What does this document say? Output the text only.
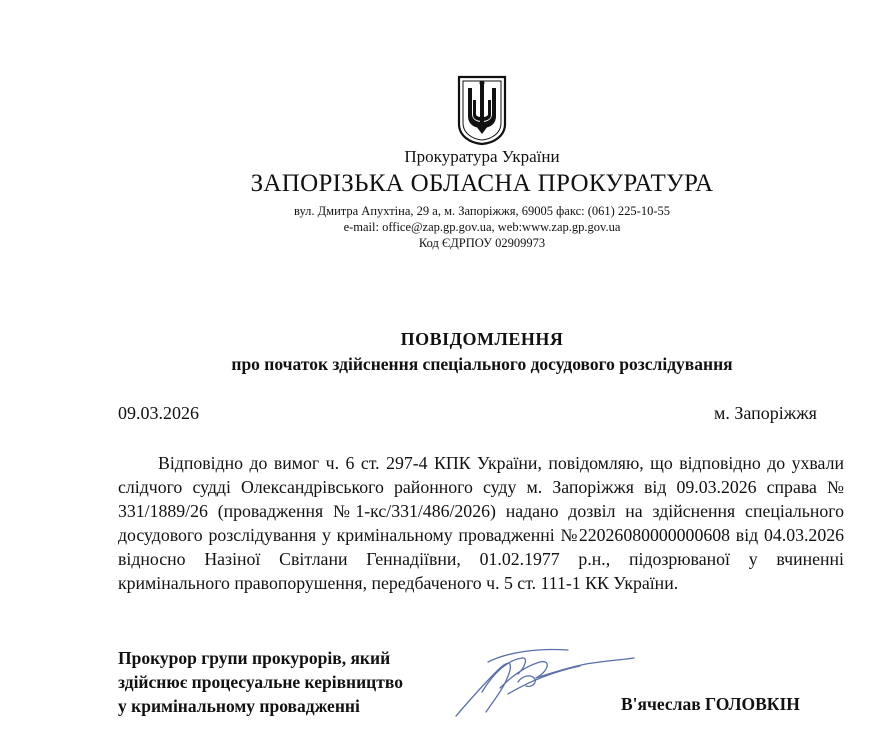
Прокуратура України
ЗАПОРІЗЬКА ОБЛАСНА ПРОКУРАТУРА
вул. Дмитра Апухтіна, 29 а, м. Запоріжжя, 69005 факс: (061) 225-10-55
e-mail: office@zap.gp.gov.ua, web:www.zap.gp.gov.ua
Код ЄДРПОУ 02909973
ПОВІДОМЛЕННЯ
про початок здійснення спеціального досудового розслідування
09.03.2026	м. Запоріжжя

Відповідно до вимог ч. 6 ст. 297-4 КПК України, повідомляю, що відповідно до ухвали слідчого судді Олександрівського районного суду м. Запоріжжя від 09.03.2026 справа № 331/1889/26 (провадження №1-кс/331/486/2026) надано дозвіл на здійснення спеціального досудового розслідування у кримінальному провадженні №22026080000000608 від 04.03.2026 відносно Назіної Світлани Геннадіївни, 01.02.1977 р.н., підозрюваної у вчиненні кримінального правопорушення, передбаченого ч. 5 ст. 111-1 КК України.

Прокурор групи прокурорів, який
здійснює процесуальне керівництво
у кримінальному провадженні	В'ячеслав ГОЛОВКІН
